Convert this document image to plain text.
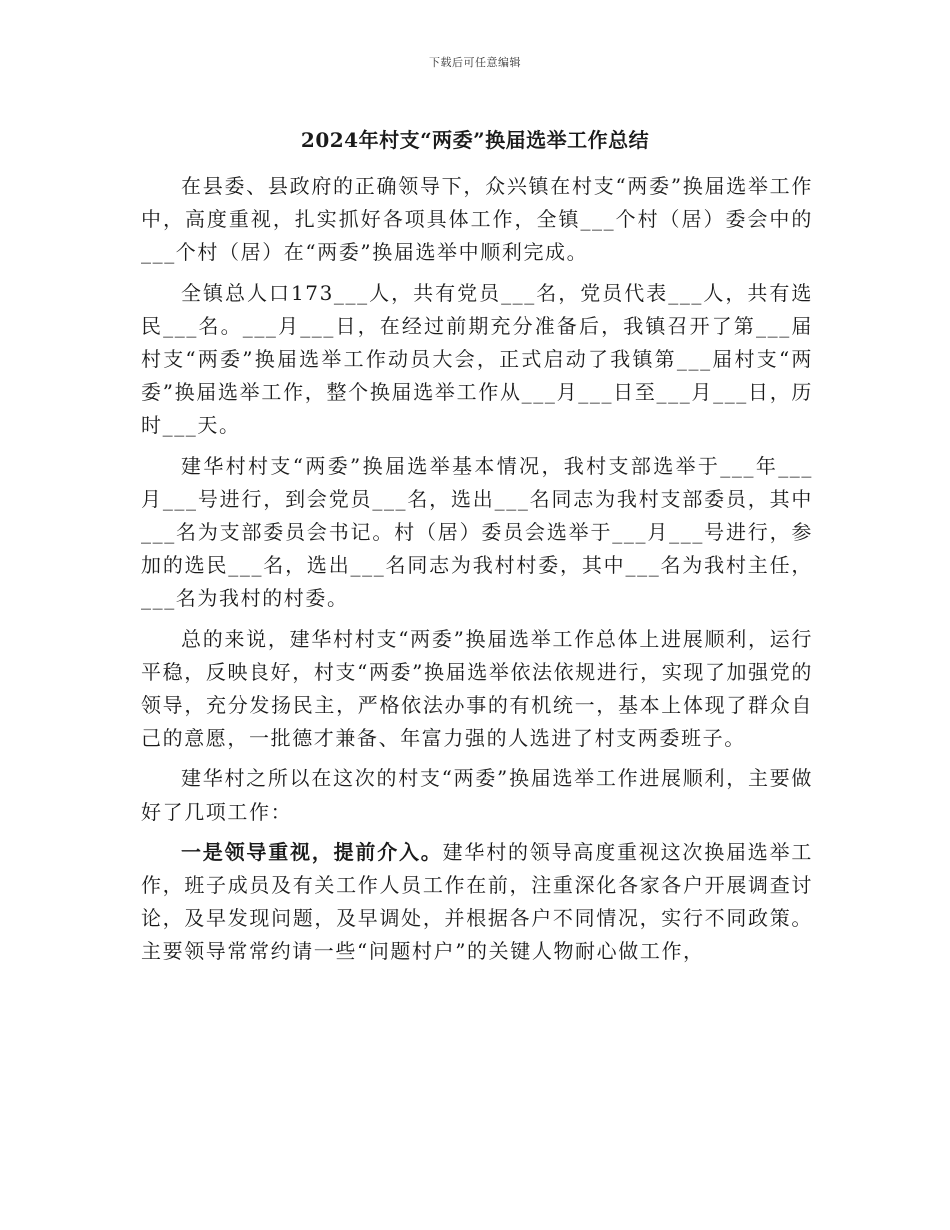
下载后可任意编辑
2024年村支“两委”换届选举工作总结

在县委、县政府的正确领导下，众兴镇在村支“两委”换届选举工作中，高度重视，扎实抓好各项具体工作，全镇___个村（居）委会中的___个村（居）在“两委”换届选举中顺利完成。

全镇总人口173___人，共有党员___名，党员代表___人，共有选民___名。___月___日，在经过前期充分准备后，我镇召开了第___届村支“两委”换届选举工作动员大会，正式启动了我镇第___届村支“两委”换届选举工作，整个换届选举工作从___月___日至___月___日，历时___天。

建华村村支“两委”换届选举基本情况，我村支部选举于___年___月___号进行，到会党员___名，选出___名同志为我村支部委员，其中___名为支部委员会书记。村（居）委员会选举于___月___号进行，参加的选民___名，选出___名同志为我村村委，其中___名为我村主任，___名为我村的村委。

总的来说，建华村村支“两委”换届选举工作总体上进展顺利，运行平稳，反映良好，村支“两委”换届选举依法依规进行，实现了加强党的领导，充分发扬民主，严格依法办事的有机统一，基本上体现了群众自己的意愿，一批德才兼备、年富力强的人选进了村支两委班子。

建华村之所以在这次的村支“两委”换届选举工作进展顺利，主要做好了几项工作：

一是领导重视，提前介入。建华村的领导高度重视这次换届选举工作，班子成员及有关工作人员工作在前，注重深化各家各户开展调查讨论，及早发现问题，及早调处，并根据各户不同情况，实行不同政策。主要领导常常约请一些“问题村户”的关键人物耐心做工作，
